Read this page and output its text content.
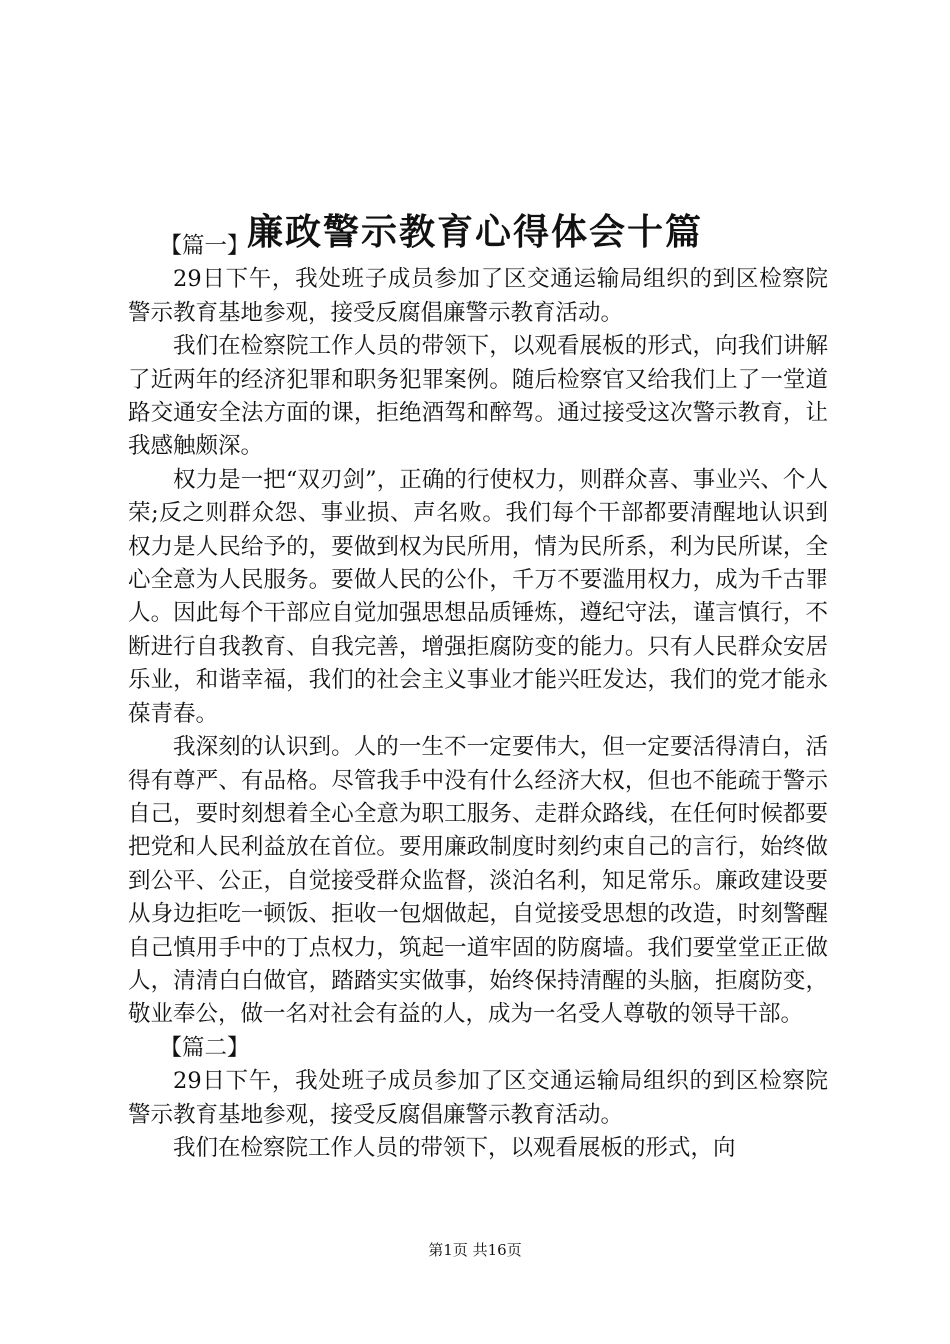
廉政警示教育心得体会十篇

【篇一】

29日下午，我处班子成员参加了区交通运输局组织的到区检察院警示教育基地参观，接受反腐倡廉警示教育活动。

我们在检察院工作人员的带领下，以观看展板的形式，向我们讲解了近两年的经济犯罪和职务犯罪案例。随后检察官又给我们上了一堂道路交通安全法方面的课，拒绝酒驾和醉驾。通过接受这次警示教育，让我感触颇深。

权力是一把“双刃剑”，正确的行使权力，则群众喜、事业兴、个人荣;反之则群众怨、事业损、声名败。我们每个干部都要清醒地认识到权力是人民给予的，要做到权为民所用，情为民所系，利为民所谋，全心全意为人民服务。要做人民的公仆，千万不要滥用权力，成为千古罪人。因此每个干部应自觉加强思想品质锤炼，遵纪守法，谨言慎行，不断进行自我教育、自我完善，增强拒腐防变的能力。只有人民群众安居乐业，和谐幸福，我们的社会主义事业才能兴旺发达，我们的党才能永葆青春。

我深刻的认识到。人的一生不一定要伟大，但一定要活得清白，活得有尊严、有品格。尽管我手中没有什么经济大权，但也不能疏于警示自己，要时刻想着全心全意为职工服务、走群众路线，在任何时候都要把党和人民利益放在首位。要用廉政制度时刻约束自己的言行，始终做到公平、公正，自觉接受群众监督，淡泊名利，知足常乐。廉政建设要从身边拒吃一顿饭、拒收一包烟做起，自觉接受思想的改造，时刻警醒自己慎用手中的丁点权力，筑起一道牢固的防腐墙。我们要堂堂正正做人，清清白白做官，踏踏实实做事，始终保持清醒的头脑，拒腐防变，敬业奉公，做一名对社会有益的人，成为一名受人尊敬的领导干部。

【篇二】

29日下午，我处班子成员参加了区交通运输局组织的到区检察院警示教育基地参观，接受反腐倡廉警示教育活动。

我们在检察院工作人员的带领下，以观看展板的形式，向

第1页 共16页
